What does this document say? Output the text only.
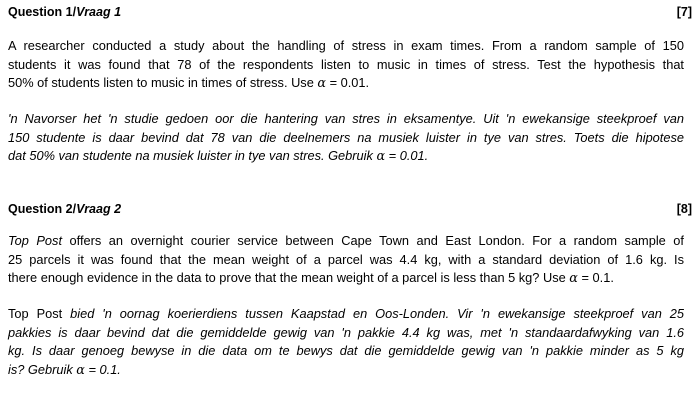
Question 1/Vraag 1	[7]
A researcher conducted a study about the handling of stress in exam times. From a random sample of 150
students it was found that 78 of the respondents listen to music in times of stress. Test the hypothesis that
50% of students listen to music in times of stress. Use α = 0.01.
'n Navorser het 'n studie gedoen oor die hantering van stres in eksamentye. Uit 'n ewekansige steekproef van
150 studente is daar bevind dat 78 van die deelnemers na musiek luister in tye van stres. Toets die hipotese
dat 50% van studente na musiek luister in tye van stres. Gebruik α = 0.01.
Question 2/Vraag 2	[8]
Top Post offers an overnight courier service between Cape Town and East London. For a random sample of
25 parcels it was found that the mean weight of a parcel was 4.4 kg, with a standard deviation of 1.6 kg. Is
there enough evidence in the data to prove that the mean weight of a parcel is less than 5 kg? Use α = 0.1.
Top Post bied 'n oornag koerierdiens tussen Kaapstad en Oos-Londen. Vir 'n ewekansige steekproef van 25
pakkies is daar bevind dat die gemiddelde gewig van 'n pakkie 4.4 kg was, met 'n standaardafwyking van 1.6
kg. Is daar genoeg bewyse in die data om te bewys dat die gemiddelde gewig van 'n pakkie minder as 5 kg
is? Gebruik α = 0.1.
